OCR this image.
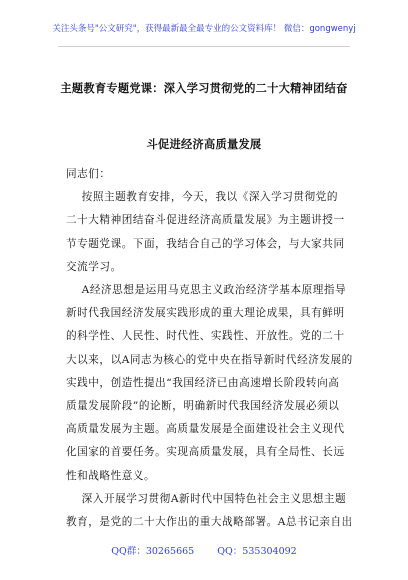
关注头条号"公文研究"，获得最新最全最专业的公文资料库！ 微信：gongwenyj
主题教育专题党课：深入学习贯彻党的二十大精神团结奋
斗促进经济高质量发展
同志们：
按照主题教育安排，今天，我以《深入学习贯彻党的
二十大精神团结奋斗促进经济高质量发展》为主题讲授一
节专题党课。下面，我结合自己的学习体会，与大家共同
交流学习。
A经济思想是运用马克思主义政治经济学基本原理指导
新时代我国经济发展实践形成的重大理论成果，具有鲜明
的科学性、人民性、时代性、实践性、开放性。党的二十
大以来，以A同志为核心的党中央在指导新时代经济发展的
实践中，创造性提出“我国经济已由高速增长阶段转向高
质量发展阶段”的论断，明确新时代我国经济发展必须以
高质量发展为主题。高质量发展是全面建设社会主义现代
化国家的首要任务。实现高质量发展，具有全局性、长远
性和战略性意义。
深入开展学习贯彻A新时代中国特色社会主义思想主题
教育，是党的二十大作出的重大战略部署。A总书记亲自出
QQ群：30265665 QQ：535304092
